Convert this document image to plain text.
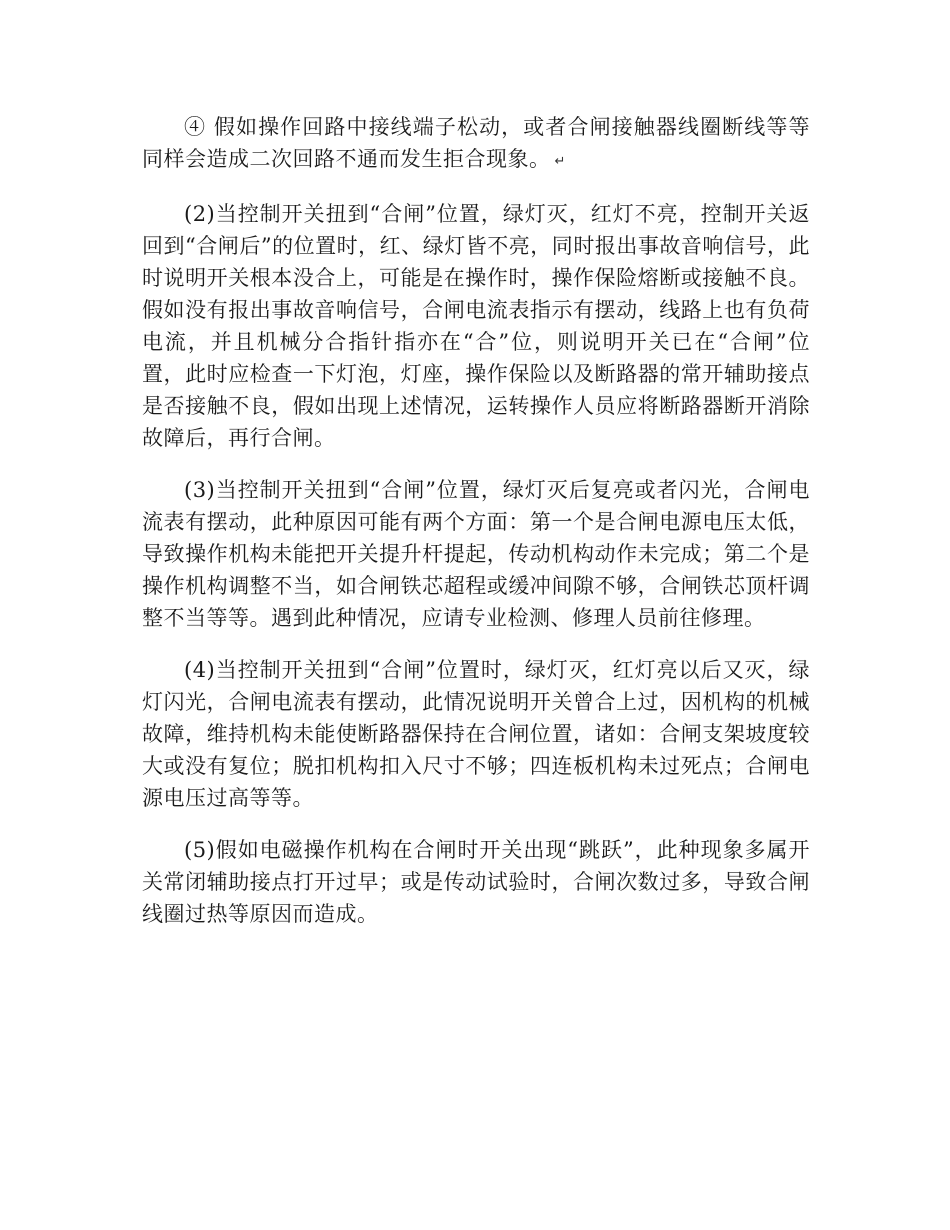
④ 假如操作回路中接线端子松动，或者合闸接触器线圈断线等等同样会造成二次回路不通而发生拒合现象。 ↵

(2)当控制开关扭到“合闸”位置，绿灯灭，红灯不亮，控制开关返回到“合闸后”的位置时，红、绿灯皆不亮，同时报出事故音响信号，此时说明开关根本没合上，可能是在操作时，操作保险熔断或接触不良。假如没有报出事故音响信号，合闸电流表指示有摆动，线路上也有负荷电流，并且机械分合指针指亦在“合”位，则说明开关已在“合闸”位置，此时应检查一下灯泡，灯座，操作保险以及断路器的常开辅助接点是否接触不良，假如出现上述情况，运转操作人员应将断路器断开消除故障后，再行合闸。

(3)当控制开关扭到“合闸”位置，绿灯灭后复亮或者闪光，合闸电流表有摆动，此种原因可能有两个方面：第一个是合闸电源电压太低，导致操作机构未能把开关提升杆提起，传动机构动作未完成；第二个是操作机构调整不当，如合闸铁芯超程或缓冲间隙不够，合闸铁芯顶杆调整不当等等。遇到此种情况，应请专业检测、修理人员前往修理。

(4)当控制开关扭到“合闸”位置时，绿灯灭，红灯亮以后又灭，绿灯闪光，合闸电流表有摆动，此情况说明开关曾合上过，因机构的机械故障，维持机构未能使断路器保持在合闸位置，诸如：合闸支架坡度较大或没有复位；脱扣机构扣入尺寸不够；四连板机构未过死点；合闸电源电压过高等等。

(5)假如电磁操作机构在合闸时开关出现“跳跃”，此种现象多属开关常闭辅助接点打开过早；或是传动试验时，合闸次数过多，导致合闸线圈过热等原因而造成。
